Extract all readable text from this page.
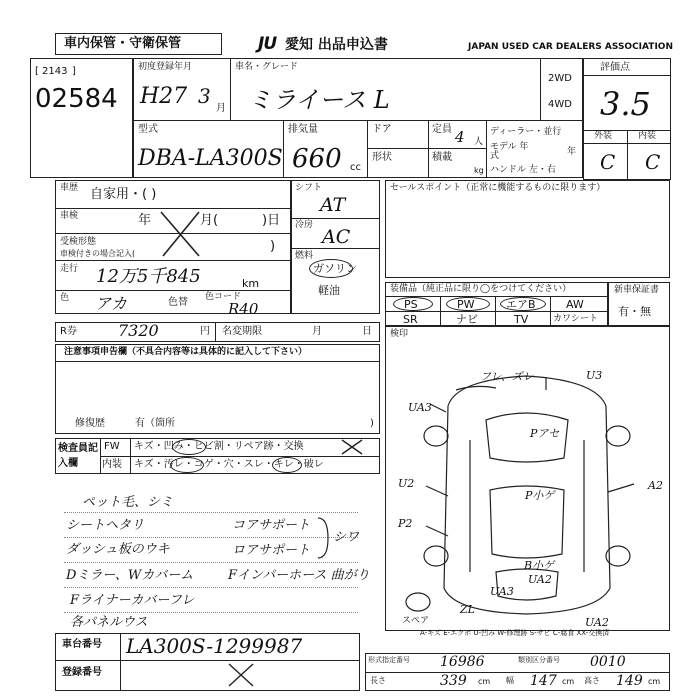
車内保管・守衛保管	JU 愛知 出品申込書	JAPAN USED CAR DEALERS ASSOCIATION
[ 2143 ]
02584
初度登録年月
H27 3
月
車名・グレード
ミライース L
2WD
4WD
評価点
3.5
外装	内装
C C
型式
DBA-LA300S
排気量
660 cc
ドア	定員 4 人
形状	積載
kg
ディーラー・並行
モデル 年式	年
ハンドル 左・右
車歴 自家用・( )
車検	年	月(	)日
受検形態
車検付きの場合記入(	)
走行 12万5千845	km
色 アカ	色替 色コード
R40
シフト
AT
冷房
AC
燃料
ガソリン
軽油
セールスポイント（正常に機能するものに限ります）
装備品（純正品に限り◯をつけてください）
PS	PW	エアB	AW
SR	ナビ	TV	カワシート
新車保証書
有・無
R券	7320	円 名変期限	月	日 検印
注意事項申告欄（不具合内容等は具体的に記入して下さい）
修復歴	有（箇所	)
検査員記入欄
FW キズ・凹み・ヒビ割・リペア跡・交換
内装 キズ・汚レ・コゲ・穴・スレ・キレ・破レ
ペット毛、シミ
シートヘタリ
ダッシュ板のウキ
Dミラー、Wカバーム
Fライナーカバーフレ
各パネルウス
コアサポート
ロアサポート
Fインパーホース 曲がり
シワ
フレ、ズレ	U3
UA3
Pアセ
P小ゲ
U2	A2
P2
B小ゲ
UA2
UA3
ZL
UA2
スペア
A-キズ E-エクボ U-凹み W-修理跡 S-サビ C-腐食 XX-交換済
車台番号 LA300S-1299987
登録番号
形式指定番号 16986	類別区分番号 0010
長さ	339 cm 幅 147 cm 高さ 149 cm
